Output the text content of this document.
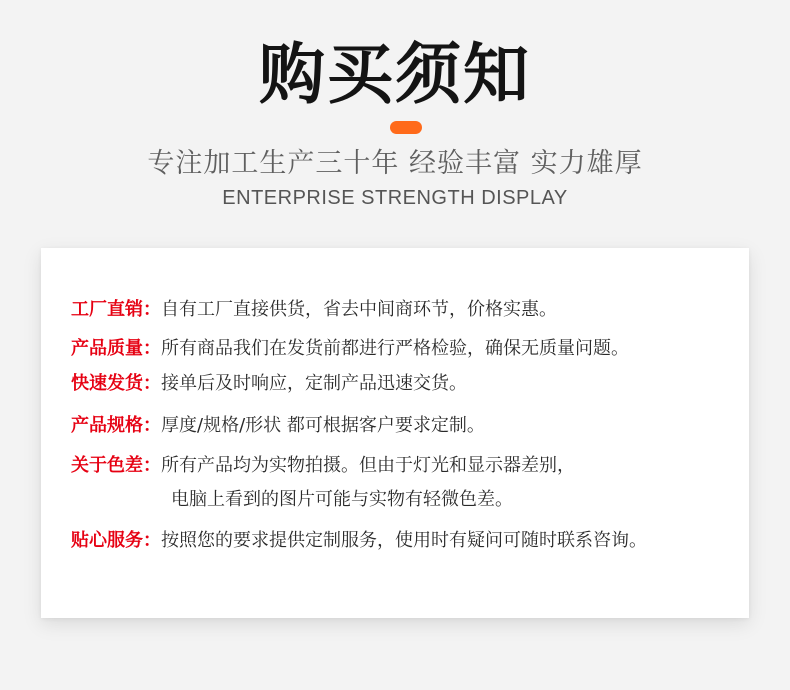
购买须知
专注加工生产三十年 经验丰富 实力雄厚
ENTERPRISE STRENGTH DISPLAY
工厂直销：自有工厂直接供货，省去中间商环节，价格实惠。
产品质量：所有商品我们在发货前都进行严格检验，确保无质量问题。
快速发货：接单后及时响应，定制产品迅速交货。
产品规格：厚度/规格/形状 都可根据客户要求定制。
关于色差：所有产品均为实物拍摄。但由于灯光和显示器差别，
电脑上看到的图片可能与实物有轻微色差。
贴心服务：按照您的要求提供定制服务，使用时有疑问可随时联系咨询。
